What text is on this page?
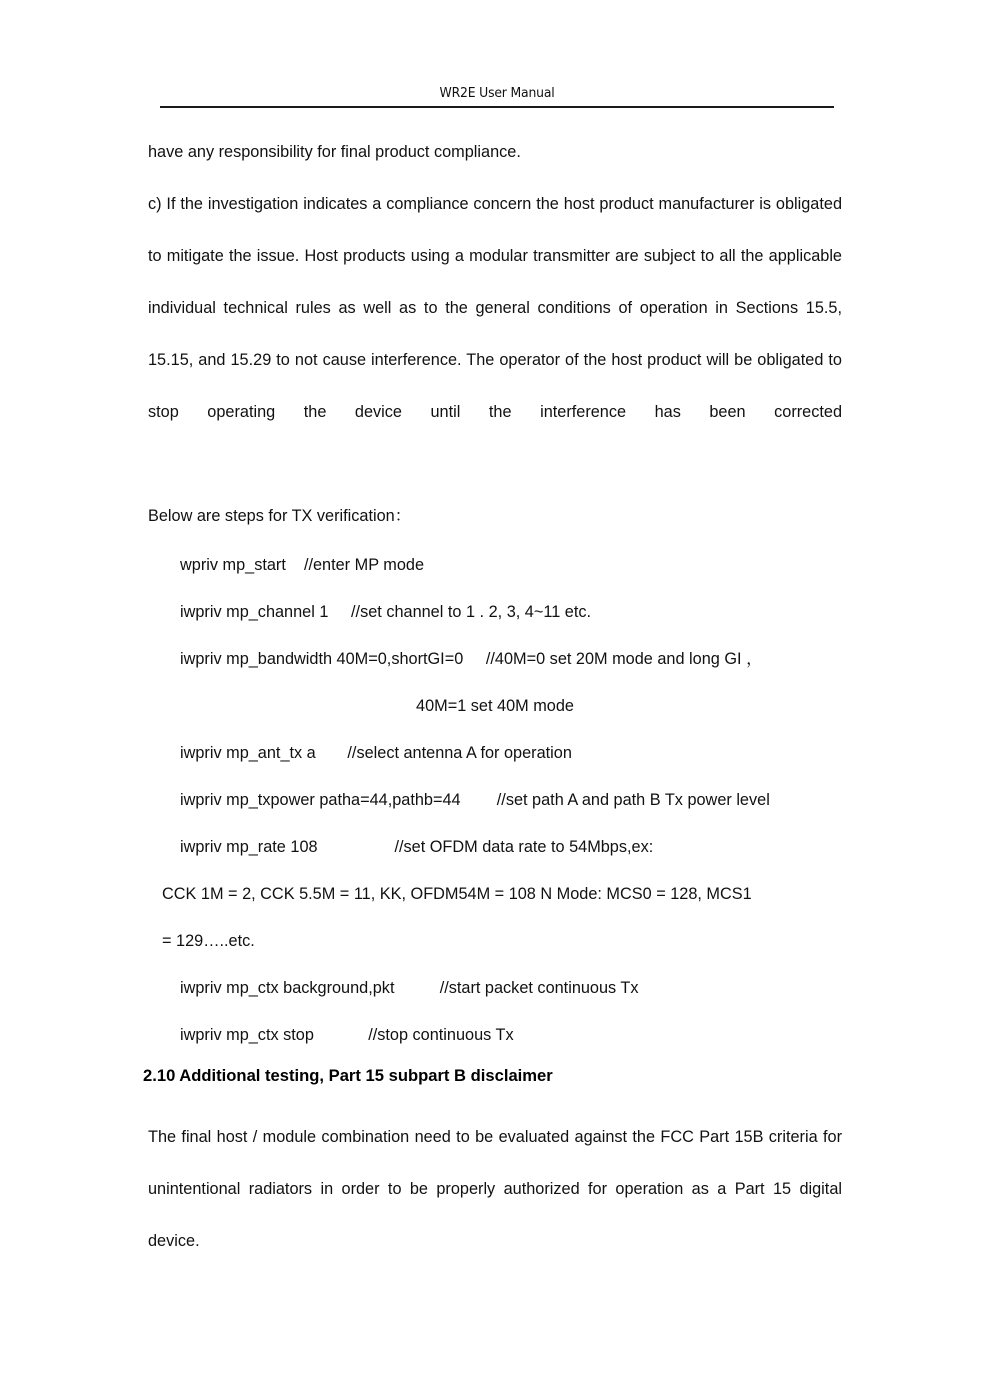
WR2E User Manual

have any responsibility for final product compliance.

c) If the investigation indicates a compliance concern the host product manufacturer is obligated to mitigate the issue. Host products using a modular transmitter are subject to all the applicable individual technical rules as well as to the general conditions of operation in Sections 15.5, 15.15, and 15.29 to not cause interference. The operator of the host product will be obligated to stop operating the device until the interference has been corrected

Below are steps for TX verification：

wpriv mp_start    //enter MP mode
iwpriv mp_channel 1     //set channel to 1 . 2, 3, 4~11 etc.
iwpriv mp_bandwidth 40M=0,shortGI=0     //40M=0 set 20M mode and long GI ，
40M=1 set 40M mode
iwpriv mp_ant_tx a       //select antenna A for operation
iwpriv mp_txpower patha=44,pathb=44        //set path A and path B Tx power level
iwpriv mp_rate 108                 //set OFDM data rate to 54Mbps,ex:
CCK 1M = 2, CCK 5.5M = 11, KK, OFDM54M = 108 N Mode: MCS0 = 128, MCS1
= 129…..etc.
iwpriv mp_ctx background,pkt          //start packet continuous Tx
iwpriv mp_ctx stop            //stop continuous Tx
2.10 Additional testing, Part 15 subpart B disclaimer

The final host / module combination need to be evaluated against the FCC Part 15B criteria for unintentional radiators in order to be properly authorized for operation as a Part 15 digital device.
